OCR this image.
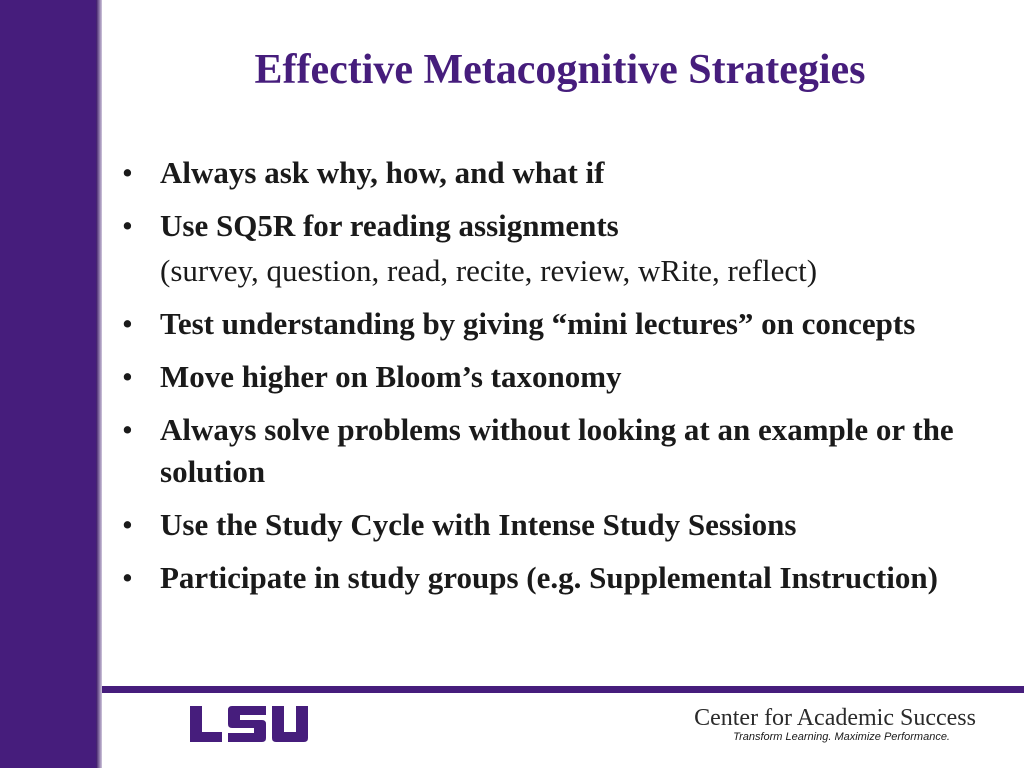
Effective Metacognitive Strategies
• Always ask why, how, and what if
• Use SQ5R for reading assignments
(survey, question, read, recite, review, wRite, reflect)
• Test understanding by giving “mini lectures” on concepts
• Move higher on Bloom’s taxonomy
• Always solve problems without looking at an example or the solution
• Use the Study Cycle with Intense Study Sessions
• Participate in study groups (e.g. Supplemental Instruction)
Center for Academic Success
Transform Learning. Maximize Performance.
